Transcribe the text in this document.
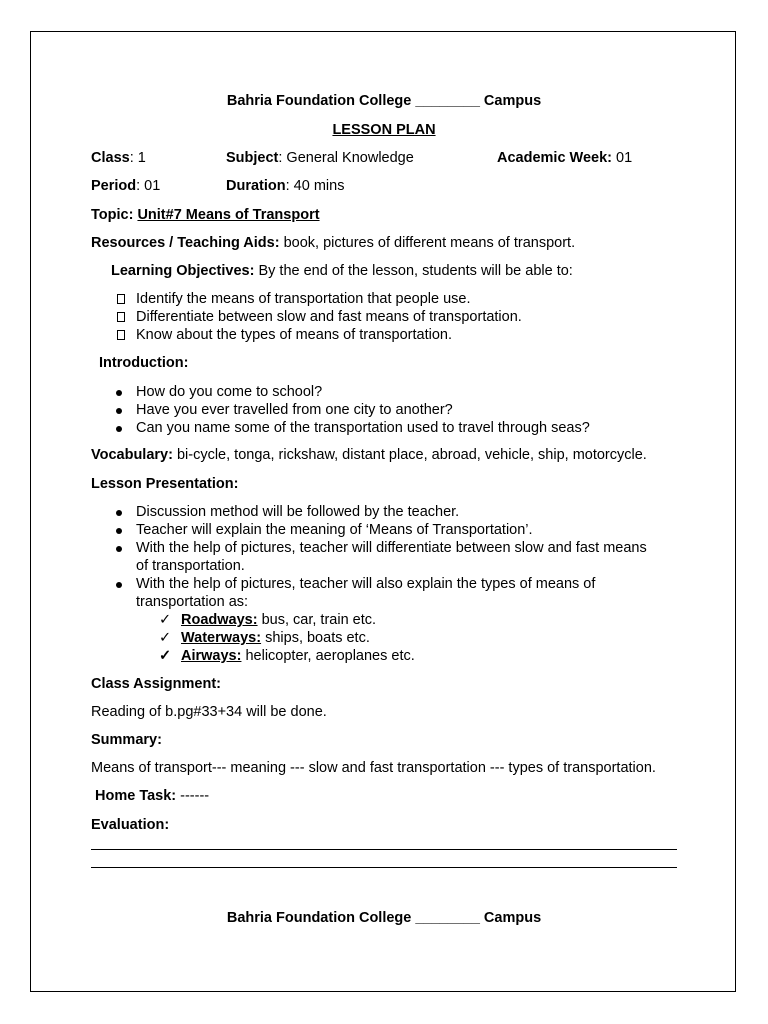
Bahria Foundation College ________ Campus
LESSON PLAN
Class: 1	Subject: General Knowledge	Academic Week: 01
Period: 01	Duration: 40 mins
Topic: Unit#7 Means of Transport
Resources / Teaching Aids: book, pictures of different means of transport.
Learning Objectives: By the end of the lesson, students will be able to:
Identify the means of transportation that people use.
Differentiate between slow and fast means of transportation.
Know about the types of means of transportation.
Introduction:
How do you come to school?
Have you ever travelled from one city to another?
Can you name some of the transportation used to travel through seas?
Vocabulary: bi-cycle, tonga, rickshaw, distant place, abroad, vehicle, ship, motorcycle.
Lesson Presentation:
Discussion method will be followed by the teacher.
Teacher will explain the meaning of ‘Means of Transportation’.
With the help of pictures, teacher will differentiate between slow and fast means
of transportation.
With the help of pictures, teacher will also explain the types of means of
transportation as:
✓ Roadways: bus, car, train etc.
✓ Waterways: ships, boats etc.
✓ Airways: helicopter, aeroplanes etc.
Class Assignment:
Reading of b.pg#33+34 will be done.
Summary:
Means of transport--- meaning --- slow and fast transportation --- types of transportation.
Home Task: ------
Evaluation:
Bahria Foundation College ________ Campus
